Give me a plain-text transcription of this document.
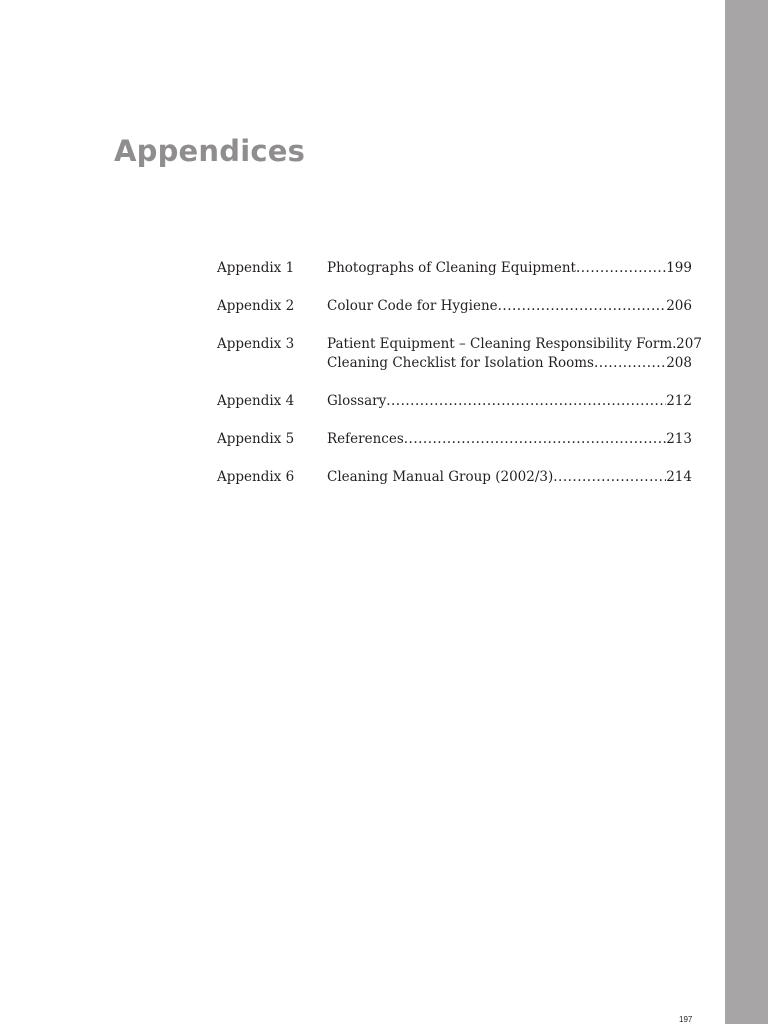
Appendices
Appendix 1	Photographs of Cleaning Equipment .....	199
Appendix 2	Colour Code for Hygiene .....	206
Appendix 3	Patient Equipment – Cleaning Responsibility Form ..... 207
Cleaning Checklist for Isolation Rooms .....	208
Appendix 4	Glossary .....	212
Appendix 5	References .....	213
Appendix 6	Cleaning Manual Group (2002/3) .....	214
197
